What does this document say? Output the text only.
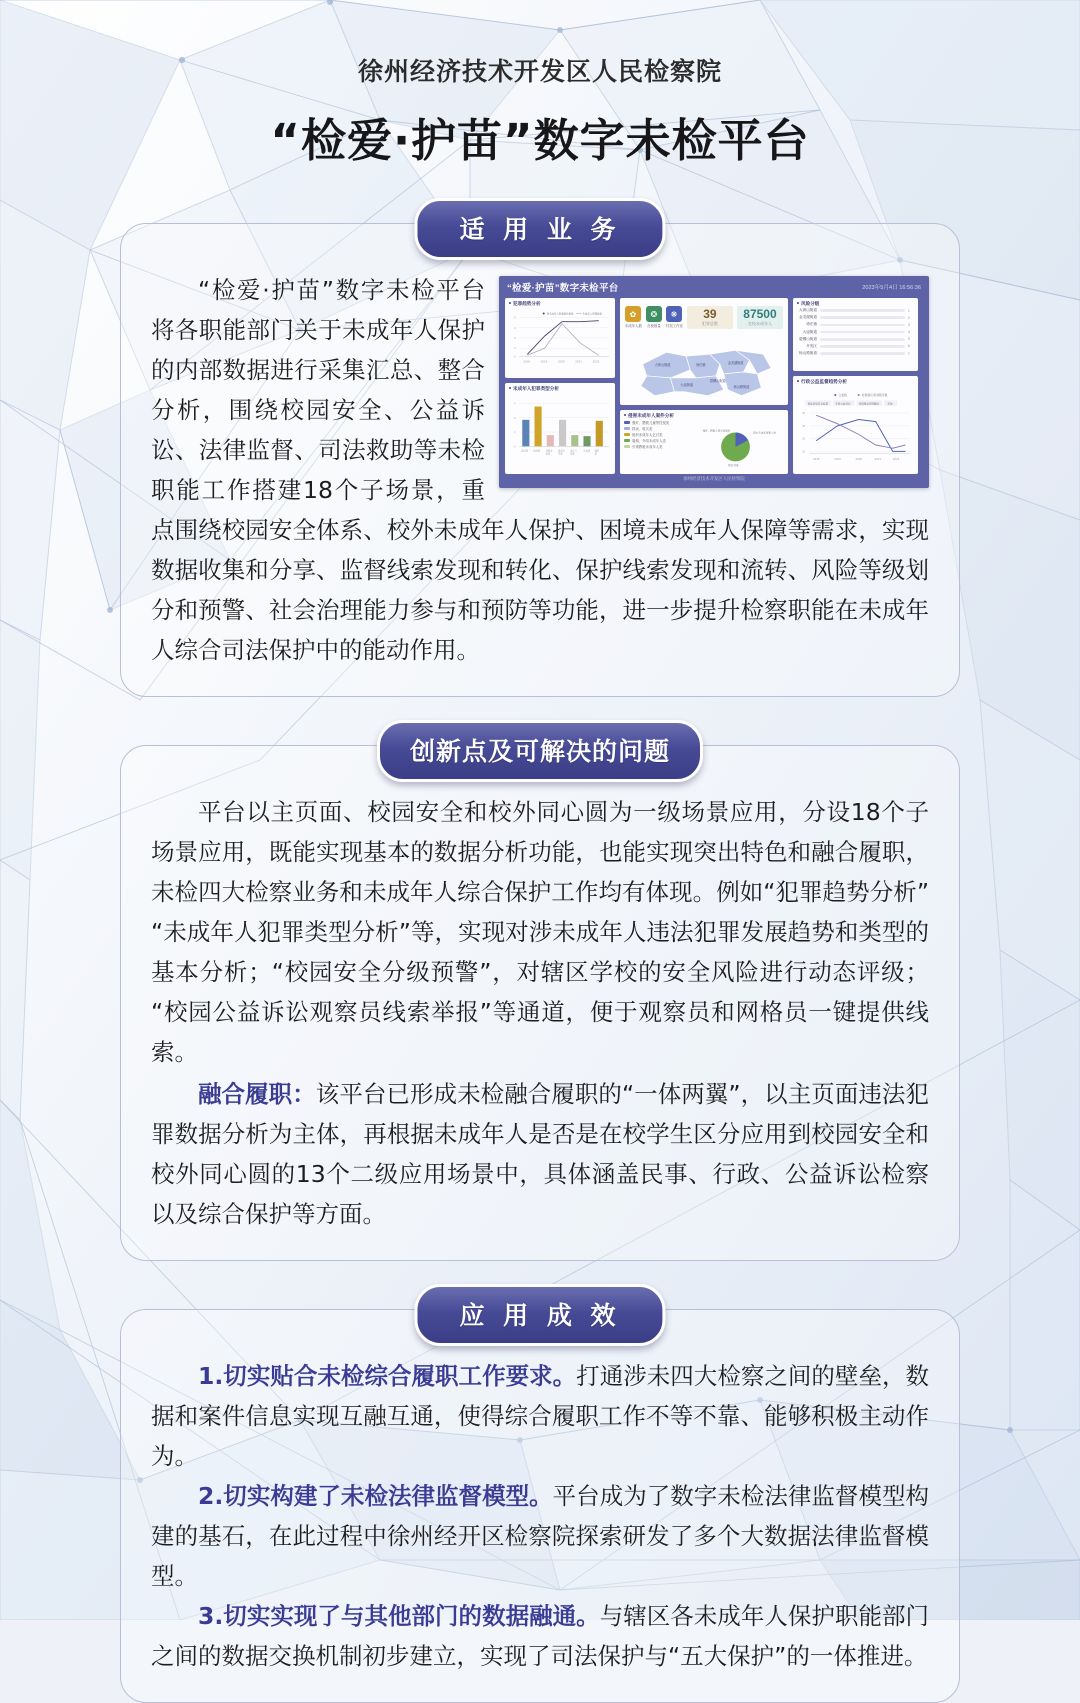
徐州经济技术开发区人民检察院
“检爱·护苗”数字未检平台
适 用 业 务
“检爱·护苗”数字未检平台	2023年5月4日 16:56:36
犯罪趋势分析
2018	2019	2020	2021	2022
5
4
3
2
0
涉未成年人刑事案件数量	未成年人犯罪数量
未成年人犯罪类型分析
盗窃罪	抢劫罪	寻衅滋
事罪
故意伤
害罪
聚众斗
殴罪
诈骗罪	强奸
罪
4
3
2
0
✿
未成年人数
❂
在校数量
❋
村居工作室
39
犯罪总数
87500
在校未成年人
大黄山街道	徐庄镇	金龙湖街道
大庙街道
碧螺山街道
杨山路街道
侵害未成年人案件分析
强奸、猥亵儿童等性侵类
拐卖、收买类
组织未成年人乞讨类
雇佣、介绍未成年人类
引诱教唆未成年人类
强奸、猥亵儿童等性侵类
其他·未成年被害人类
性侵·性侵
风险分级
大黄山街道	1
金龙湖街道	2
徐庄镇	3
大庙街道	4
碧螺山街道	5
开发区	6
杨山路街道	7
行政公益监督趋势分析
立案数	检察建议/诉前程序数
食品药品安全监督	未检公益诉讼	校园周边环境整治	其他
2018	2019	2020	2021	2022
40
30
20
10
徐州经济技术开发区人民检察院

“检爱·护苗”数字未检平台将各职能部门关于未成年人保护的内部数据进行采集汇总、整合分析，围绕校园安全、公益诉讼、法律监督、司法救助等未检职能工作搭建18个子场景，重点围绕校园安全体系、校外未成年人保护、困境未成年人保障等需求，实现数据收集和分享、监督线索发现和转化、保护线索发现和流转、风险等级划分和预警、社会治理能力参与和预防等功能，进一步提升检察职能在未成年人综合司法保护中的能动作用。

创新点及可解决的问题

平台以主页面、校园安全和校外同心圆为一级场景应用，分设18个子场景应用，既能实现基本的数据分析功能，也能实现突出特色和融合履职，未检四大检察业务和未成年人综合保护工作均有体现。例如“犯罪趋势分析”“未成年人犯罪类型分析”等，实现对涉未成年人违法犯罪发展趋势和类型的基本分析；“校园安全分级预警”，对辖区学校的安全风险进行动态评级；“校园公益诉讼观察员线索举报”等通道，便于观察员和网格员一键提供线索。

融合履职：该平台已形成未检融合履职的“一体两翼”，以主页面违法犯罪数据分析为主体，再根据未成年人是否是在校学生区分应用到校园安全和校外同心圆的13个二级应用场景中，具体涵盖民事、行政、公益诉讼检察以及综合保护等方面。

应 用 成 效

1.切实贴合未检综合履职工作要求。打通涉未四大检察之间的壁垒，数据和案件信息实现互融互通，使得综合履职工作不等不靠、能够积极主动作为。

2.切实构建了未检法律监督模型。平台成为了数字未检法律监督模型构建的基石，在此过程中徐州经开区检察院探索研发了多个大数据法律监督模型。

3.切实实现了与其他部门的数据融通。与辖区各未成年人保护职能部门之间的数据交换机制初步建立，实现了司法保护与“五大保护”的一体推进。
